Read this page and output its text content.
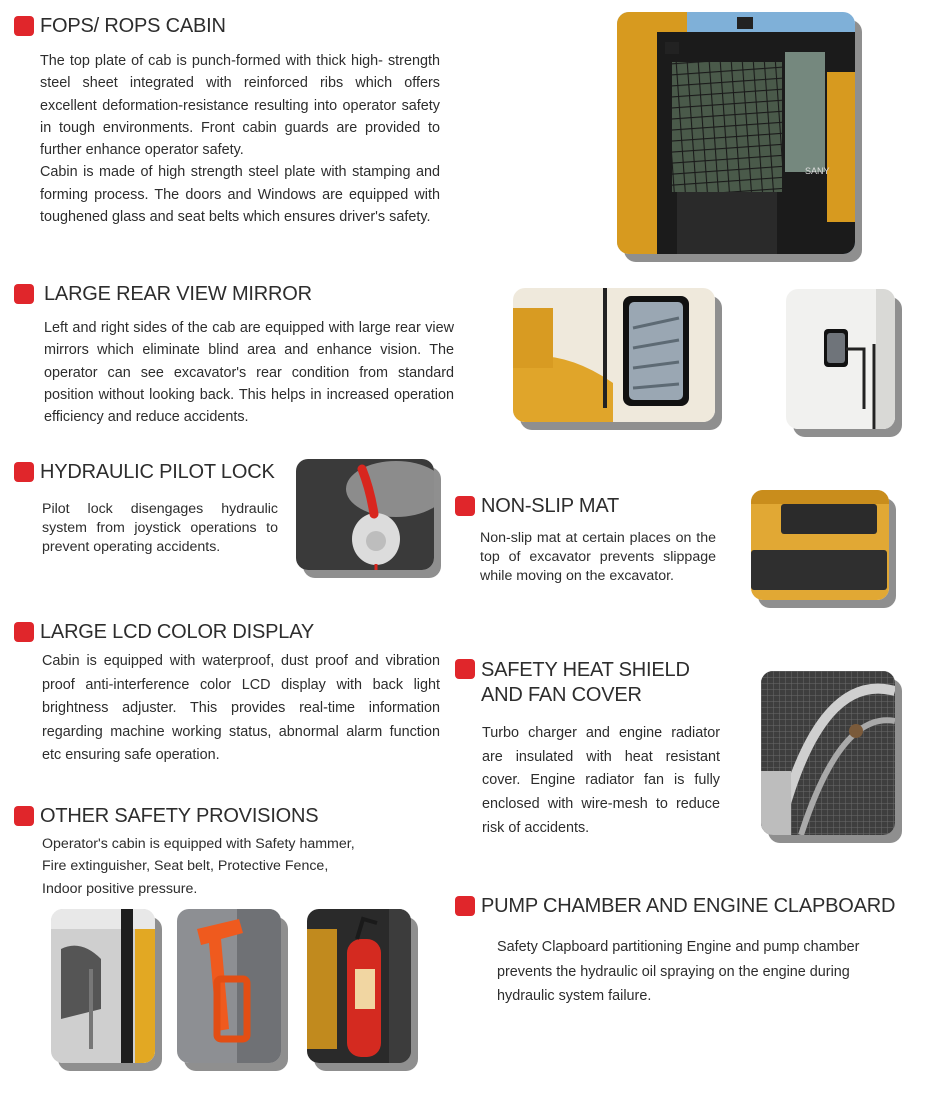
FOPS/ ROPS CABIN

The top plate of cab is punch-formed with thick high- strength steel sheet integrated with reinforced ribs which offers excellent deformation-resistance resulting into operator safety in tough environments. Front cabin guards are provided to further enhance operator safety.

Cabin is made of high strength steel plate with stamping and forming process. The doors and Windows are equipped with toughened glass and seat belts which ensures driver's safety.

SANY
LARGE REAR VIEW MIRROR

Left and right sides of the cab are equipped with large rear view mirrors which eliminate blind area and enhance vision. The operator can see excavator's rear condition from standard position without looking back. This helps in increased operation efficiency and reduce accidents.

HYDRAULIC PILOT LOCK

Pilot lock disengages hydraulic system from joystick operations to prevent operating accidents.

NON-SLIP MAT

Non-slip mat at certain places on the top of excavator prevents slippage while moving on the excavator.

LARGE LCD COLOR DISPLAY

Cabin is equipped with waterproof, dust proof and vibration proof anti-interference color LCD display with back light brightness adjuster. This provides real-time information regarding machine working status, abnormal alarm function etc ensuring safe operation.

SAFETY HEAT SHIELD
AND FAN COVER

Turbo charger and engine radiator are insulated with heat resistant cover. Engine radiator fan is fully enclosed with wire-mesh to reduce risk of accidents.

OTHER SAFETY PROVISIONS

Operator's cabin is equipped with Safety hammer,

Fire extinguisher, Seat belt, Protective Fence,

Indoor positive pressure.

PUMP CHAMBER AND ENGINE CLAPBOARD

Safety Clapboard partitioning Engine and pump chamber prevents the hydraulic oil spraying on the engine during hydraulic system failure.
